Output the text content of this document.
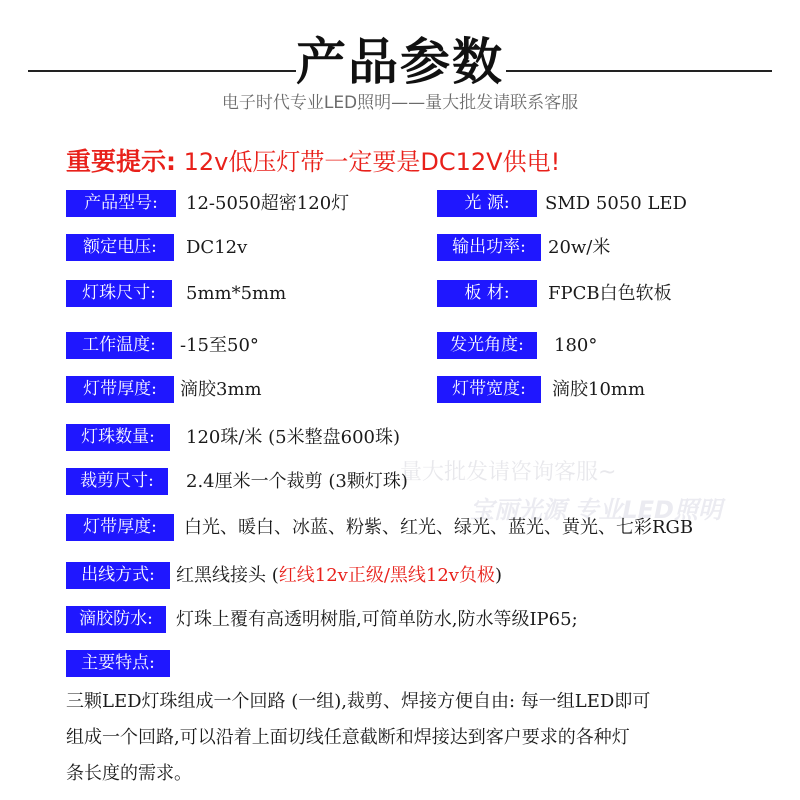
产品参数
电子时代专业LED照明——量大批发请联系客服
重要提示: 12v低压灯带一定要是DC12V供电!
量大批发请咨询客服~
宝丽光源 专业LED照明
产品型号:	12-5050超密120灯	光 源:	SMD 5050 LED
额定电压:	DC12v	输出功率:	20w/米
灯珠尺寸:	5mm*5mm	板 材:	FPCB白色软板
工作温度:	-15至50°	发光角度:	180°
灯带厚度:	滴胶3mm	灯带宽度:	滴胶10mm
灯珠数量:	120珠/米 (5米整盘600珠)
裁剪尺寸:	2.4厘米一个裁剪 (3颗灯珠)
灯带厚度:	白光、暖白、冰蓝、粉紫、红光、绿光、蓝光、黄光、七彩RGB
出线方式:	红黑线接头 (红线12v正级/黑线12v负极)
滴胶防水:	灯珠上覆有高透明树脂,可简单防水,防水等级IP65;
主要特点:
三颗LED灯珠组成一个回路 (一组),裁剪、焊接方便自由: 每一组LED即可
组成一个回路,可以沿着上面切线任意截断和焊接达到客户要求的各种灯
条长度的需求。
